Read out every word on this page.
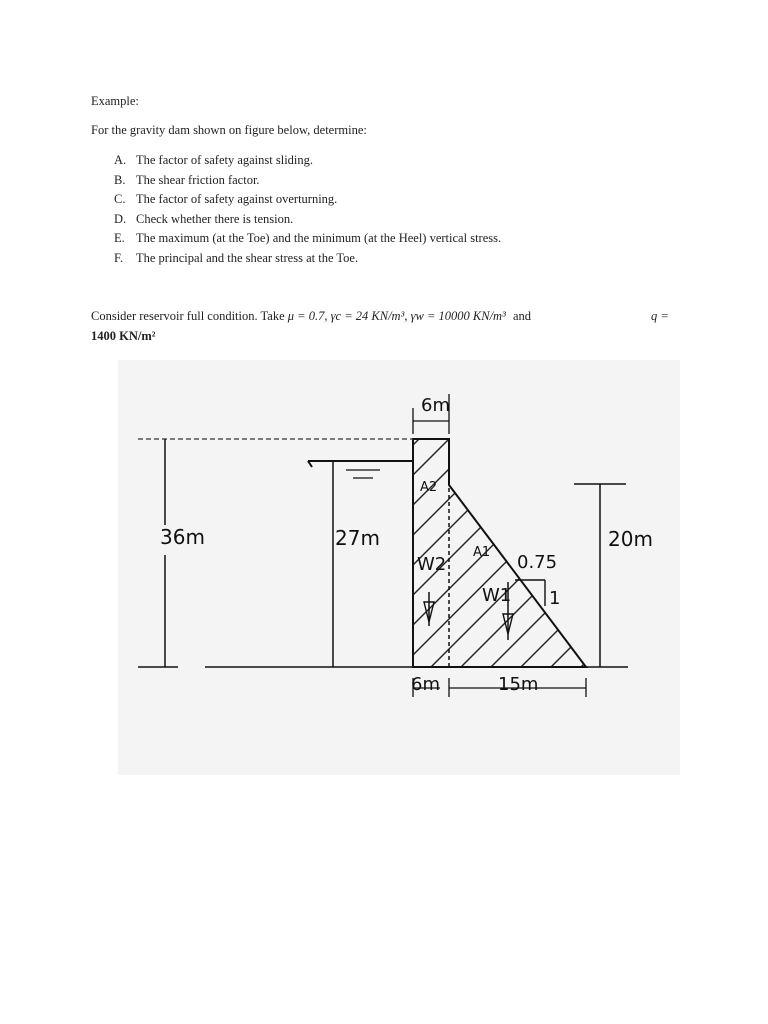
Example:
For the gravity dam shown on figure below, determine:
A. The factor of safety against sliding.
B. The shear friction factor.
C. The factor of safety against overturning.
D. Check whether there is tension.
E. The maximum (at the Toe) and the minimum (at the Heel) vertical stress.
F.	The principal and the shear stress at the Toe.
Consider reservoir full condition. Take μ = 0.7, γc = 24 KN/m³, γw = 10000 KN/m³ and	q =
1400 KN/m²
36m	27m	20m
6m
A2
A1
W2
W1
0.75
1
6m	15m
